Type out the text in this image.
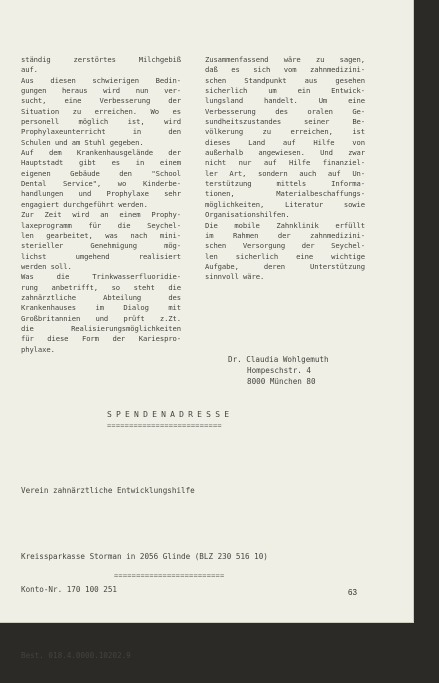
ständig zerstörtes Milchgebiß
auf.
Aus diesen schwierigen Bedin-
gungen heraus wird nun ver-
sucht, eine Verbesserung der
Situation zu erreichen. Wo es
personell möglich ist, wird
Prophylaxeunterricht in den
Schulen und am Stuhl gegeben.
Auf dem Krankenhausgelände der
Hauptstadt gibt es in einem
eigenen Gebäude den "School
Dental Service", wo Kinderbe-
handlungen und Prophylaxe sehr
engagiert durchgeführt werden.
Zur Zeit wird an einem Prophy-
laxeprogramm für die Seychel-
len gearbeitet, was nach mini-
sterieller Genehmigung mög-
lichst umgehend realisiert
werden soll.
Was die Trinkwasserfluoridie-
rung anbetrifft, so steht die
zahnärztliche Abteilung des
Krankenhauses im Dialog mit
Großbritannien und prüft z.Zt.
die Realisierungsmöglichkeiten
für diese Form der Kariespro-
phylaxe.
Zusammenfassend wäre zu sagen,
daß es sich vom zahnmedizini-
schen Standpunkt aus gesehen
sicherlich um ein Entwick-
lungsland handelt. Um eine
Verbesserung des oralen Ge-
sundheitszustandes seiner Be-
völkerung zu erreichen, ist
dieses Land auf Hilfe von
außerhalb angewiesen. Und zwar
nicht nur auf Hilfe finanziel-
ler Art, sondern auch auf Un-
terstützung mittels Informa-
tionen, Materialbeschaffungs-
möglichkeiten, Literatur sowie
Organisationshilfen.
Die mobile Zahnklinik erfüllt
im Rahmen der zahnmedizini-
schen Versorgung der Seychel-
len sicherlich eine wichtige
Aufgabe, deren Unterstützung
sinnvoll wäre.
Dr. Claudia Wohlgemuth
Hompeschstr. 4
8000 München 80
SPENDENADRESSE
==========================

Verein zahnärztliche Entwicklungshilfe

Kreissparkasse Storman in 2056 Glinde (BLZ 230 516 10)

Konto-Nr. 170 100 251

Best. 018.4.0000.10202.9

=========================
63
